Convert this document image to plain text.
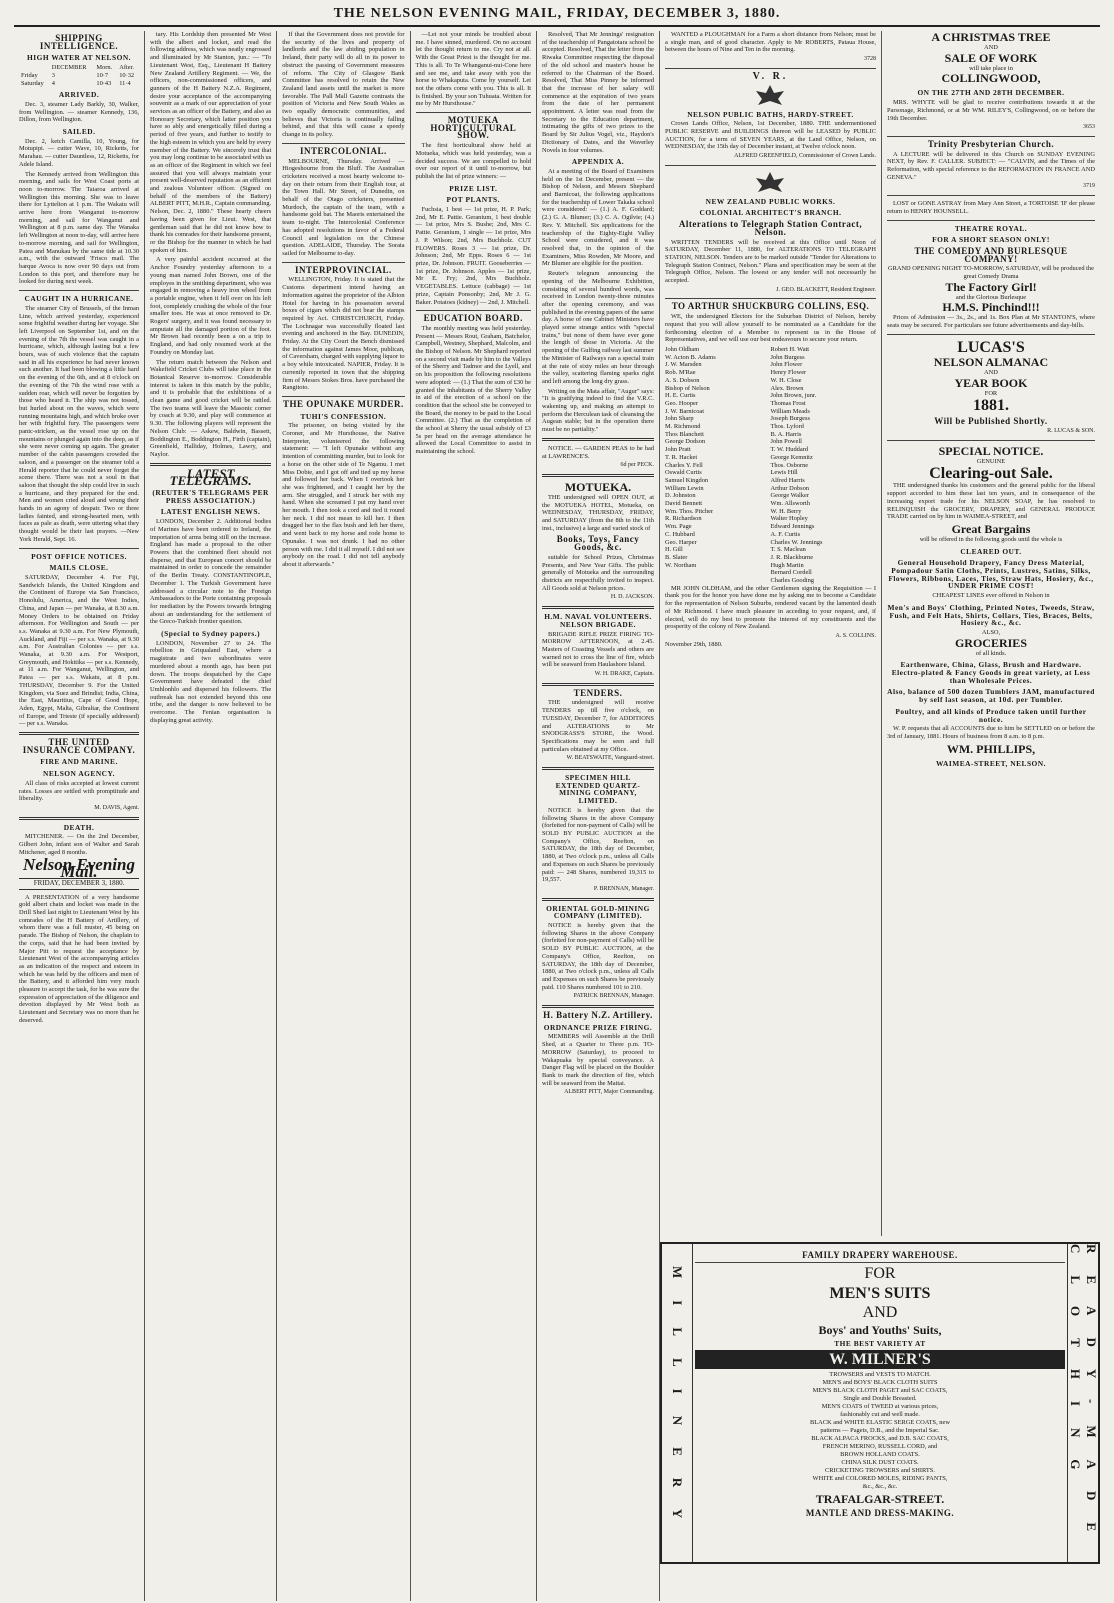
THE NELSON EVENING MAIL, FRIDAY, DECEMBER 3, 1880.
SHIPPING INTELLIGENCE.
HIGH WATER AT NELSON.
	DECEMBER	Morn.	After.
Friday	3	10·7	10·32
Saturday	4	10·43	11·4
ARRIVED.

Dec. 3, steamer Lady Barkly, 30, Walker, from Wellington. — steamer Kennedy, 136, Dillon, from Wellington.

SAILED.

Dec. 2, ketch Camilla, 10, Young, for Motupipi. — cutter Wave, 10, Ricketts, for Marahau. — cutter Dauntless, 12, Ricketts, for Adele Island.

The Kennedy arrived from Wellington this morning, and sails for West Coast ports at noon to-morrow. The Taiaroa arrived at Wellington this morning. She was to leave there for Lyttelton at 1 p.m. The Wakatu will arrive here from Wanganui to-morrow morning, and sail for Wanganui and Wellington at 8 p.m. same day. The Wanaka left Wellington at noon to-day, will arrive here to-morrow morning, and sail for Wellington, Patea and Manukau by the same tide at 10.30 a.m., with the outward 'Frisco mail. The barque Avoca is now over 90 days out from London to this port, and therefore may be looked for during next week.

CAUGHT IN A HURRICANE.

The steamer City of Brussels, of the Inman Line, which arrived yesterday, experienced some frightful weather during her voyage. She left Liverpool on September 1st, and on the evening of the 7th the vessel was caught in a hurricane, which, although lasting but a few hours, was of such violence that the captain said in all his experience he had never known such another. It had been blowing a little hard on the evening of the 6th, and at 8 o'clock on the evening of the 7th the wind rose with a sudden roar, which will never be forgotten by those who heard it. The ship was not tossed, but hurled about on the waves, which were running mountains high, and which broke over her with frightful fury. The passengers were panic-stricken, as the vessel rose up on the mountains or plunged again into the deep, as if she were never coming up again. The greater number of the cabin passengers crowded the saloon, and a passenger on the steamer told a Herald reporter that he could never forget the scene there. There was not a soul in that saloon that thought the ship could live in such a hurricane, and they prepared for the end. Men and women cried aloud and wrung their hands in an agony of despair. Two or three ladies fainted, and strong-hearted men, with faces as pale as death, were uttering what they thought would be their last prayers. —New York Herald, Sept. 16.

POST OFFICE NOTICES.
MAILS CLOSE.

SATURDAY, December 4. For Fiji, Sandwich Islands, the United Kingdom and the Continent of Europe via San Francisco, Honolulu, America, and the West Indies, China, and Japan — per Wanaka, at 8.30 a.m. Money Orders to be obtained on Friday afternoon. For Wellington and South — per s.s. Wanaka at 9.30 a.m. For New Plymouth, Auckland, and Fiji — per s.s. Wanaka, at 9.30 a.m. For Australian Colonies — per s.s. Wanaka, at 9.30 a.m. For Westport, Greymouth, and Hokitika — per s.s. Kennedy, at 11 a.m. For Wanganui, Wellington, and Patea — per s.s. Wakatu, at 8 p.m. THURSDAY, December 9. For the United Kingdom, via Suez and Brindisi; India, China, the East, Mauritius, Cape of Good Hope, Aden, Egypt, Malta, Gibraltar, the Continent of Europe, and Trieste (if specially addressed) — per s.s. Wanaka.

THE UNITED INSURANCE COMPANY.
FIRE AND MARINE.
NELSON AGENCY.

All class of risks accepted at lowest current rates. Losses are settled with promptitude and liberality.

M. DAVIS, Agent.
DEATH.

MITCHENER. — On the 2nd December, Gilbert John, infant son of Walter and Sarah Mitchener, aged 8 months.

Nelson Evening Mail.
FRIDAY, DECEMBER 3, 1880.

A PRESENTATION of a very handsome gold albert chain and locket was made in the Drill Shed last night to Lieutenant West by his comrades of the H Battery of Artillery, of whom there was a full muster, 45 being on parade. The Bishop of Nelson, the chaplain to the corps, said that he had been invited by Major Pitt to request the acceptance by Lieutenant West of the accompanying articles as an indication of the respect and esteem in which he was held by the officers and men of the Battery, and it afforded him very much pleasure to accept the task, for he was sure the expression of appreciation of the diligence and devotion displayed by Mr West both as Lieutenant and Secretary was no more than he deserved.

tary. His Lordship then presented Mr West with the albert and locket, and read the following address, which was neatly engrossed and illuminated by Mr Stanton, jun.: — "To Lieutenant West, Esq., Lieutenant H Battery New Zealand Artillery Regiment. — We, the officers, non-commissioned officers, and gunners of the H Battery N.Z.A. Regiment, desire your acceptance of the accompanying souvenir as a mark of our appreciation of your services as an officer of the Battery, and also as Honorary Secretary, which latter position you have so ably and energetically filled during a period of five years, and further to testify to the high esteem in which you are held by every member of the Battery. We sincerely trust that you may long continue to be associated with us as an officer of the Regiment in which we feel assured that you will always maintain your present well-deserved reputation as an efficient and zealous Volunteer officer. (Signed on behalf of the members of the Battery) ALBERT PITT, M.H.R., Captain commanding. Nelson, Dec. 2, 1880." These hearty cheers having been given for Lieut. West, that gentleman said that he did not know how to thank his comrades for their handsome present, or the Bishop for the manner in which he had spoken of him.

A very painful accident occurred at the Anchor Foundry yesterday afternoon to a young man named John Brown, one of the employes in the smithing department, who was engaged in removing a heavy iron wheel from a portable engine, when it fell over on his left foot, completely crushing the whole of the four smaller toes. He was at once removed to Dr. Rogers' surgery, and it was found necessary to amputate all the damaged portion of the foot. Mr Brown had recently been a on a trip to England, and had only resumed work at the Foundry on Monday last.

The return match between the Nelson and Wakefield Cricket Clubs will take place in the Botanical Reserve to-morrow. Considerable interest is taken in this match by the public, and it is probable that the exhibitions of a clean game and good cricket will be rattled. The two teams will leave the Masonic corner by coach at 9.30, and play will commence at 9.30. The following players will represent the Nelson Club: — Askew, Baldwin, Bassett, Boddington E., Boddington H., Firth (captain), Greenfield, Halliday, Holmes, Lawry, and Naylor.

LATEST TELEGRAMS.
(REUTER'S TELEGRAMS PER PRESS ASSOCIATION.)
LATEST ENGLISH NEWS.

LONDON, December 2. Additional bodies of Marines have been ordered to Ireland, the importation of arms being still on the increase. England has made a proposal to the other Powers that the combined fleet should not disperse, and that European concert should be maintained in order to concede the remainder of the Berlin Treaty. CONSTANTINOPLE, December 1. The Turkish Government have addressed a circular note to the Foreign Ambassadors to the Porte containing proposals for mediation by the Powers towards bringing about an understanding for the settlement of the Greco-Turkish frontier question.

(Special to Sydney papers.)

LONDON, November 27 to 24. The rebellion in Griqualand East, where a magistrate and two subordinates were murdered about a month ago, has been put down. The troops despatched by the Cape Government have defeated the chief Umhlonhlo and dispersed his followers. The outbreak has not extended beyond this one tribe, and the danger is now believed to be overcome. The Fenian organisation is displaying great activity.

If that the Government does not provide for the security of the lives and property of landlords and the law abiding population in Ireland, their party will do all in its power to obstruct the passing of Government measures of reform. The City of Glasgow Bank Committee has resolved to retain the New Zealand land assets until the market is more favorable. The Pall Mall Gazette contrasts the position of Victoria and New South Wales as two equally democratic communities, and believes that Victoria is continually falling behind, and that this will cause a speedy change in its policy.

INTERCOLONIAL.

MELBOURNE, Thursday. Arrived — Hiogeshourne from the Bluff. The Australian cricketers received a most hearty welcome to-day on their return from their English tour, at the Town Hall. Mr Street, of Dunedin, on behalf of the Otago cricketers, presented Murdoch, the captain of the team, with a handsome gold bat. The Maoris entertained the team to-night. The Intercolonial Conference has adopted resolutions in favor of a Federal Council and legislation on the Chinese question. ADELAIDE, Thursday. The Sorata sailed for Melbourne to-day.

INTERPROVINCIAL.

WELLINGTON, Friday. It is stated that the Customs department intend having an information against the proprietor of the Albion Hotel for having in his possession several boxes of cigars which did not bear the stamps required by Act. CHRISTCHURCH, Friday. The Lochnagar was successfully floated last evening and anchored in the Bay. DUNEDIN, Friday. At the City Court the Bench dismissed the information against James Moor, publican, of Caversham, charged with supplying liquor to a boy while intoxicated. NAPIER, Friday. It is currently reported in town that the shipping firm of Messrs Stokes Bros. have purchased the Rangitoto.

THE OPUNAKE MURDER.
TUHI'S CONFESSION.

The prisoner, on being visited by the Coroner, and Mr Hursthouse, the Native Interpreter, volunteered the following statement: — "I left Opunake without any intention of committing murder, but to look for a horse on the other side of Te Ngamu. I met Miss Dobie, and I got off and tied up my horse and followed her back. When I overtook her she was frightened, and I caught her by the arm. She struggled, and I struck her with my hand. When she screamed I put my hand over her mouth. I then took a cord and tied it round her neck. I did not mean to kill her. I then dragged her to the flax bush and left her there, and went back to my horse and rode home to Opunake. I was not drunk. I had no other person with me. I did it all myself. I did not see anybody on the road. I did not tell anybody about it afterwards."

—Let not your minds be troubled about me. I have sinned, murdered. On no account let the thought return to me. Cry not at all. With the Great Priest is the thought for me. This is all. To Te Whanganui-nui-Cone here and see me, and take away with you the horse to Whakaputa. Come by yourself. Let not the others come with you. This is all. It is finished. By your son Tuhuata. Written for me by Mr Hursthouse."

MOTUEKA HORTICULTURAL SHOW.

The first horticultural show held at Motueka, which was held yesterday, was a decided success. We are compelled to hold over our report of it until to-morrow, but publish the list of prize winners: —

PRIZE LIST.
POT PLANTS.

Fuchsia, 1 best — 1st prize, H. P. Park; 2nd, Mr E. Pattie. Geranium, 1 best double — 1st prize, Mrs S. Bushe; 2nd, Mrs C. Pattie. Geranium, 1 single — 1st prize, Mrs J. P. Wilson; 2nd, Mrs Buchholz. CUT FLOWERS. Roses 3 — 1st prize, Dr. Johnson; 2nd, Mr Epps. Roses 6 — 1st prize, Dr. Johnson. FRUIT. Gooseberries — 1st prize, Dr. Johnson. Apples — 1st prize, Mr E. Fry; 2nd, Mrs Buchholz. VEGETABLES. Lettuce (cabbage) — 1st prize, Captain Ponsonby; 2nd, Mr J. G. Baker. Potatoes (kidney) — 2nd, J. Mitchell.

EDUCATION BOARD.

The monthly meeting was held yesterday. Present — Messrs Rout, Graham, Batchelor, Campbell, Westney, Shephard, Malcolm, and the Bishop of Nelson. Mr Shephard reported on a second visit made by him to the Valleys of the Sherry and Tadmor and the Lyell, and on his proposition the following resolutions were adopted: — (1.) That the sum of £30 be granted the inhabitants of the Sherry Valley in aid of the erection of a school on the condition that the school site be conveyed to the Board, the money to be paid to the Local Committee. (2.) That as the completion of the school at Sherry the usual subsidy of £3 5s per head on the average attendance be allowed the Local Committee to assist in maintaining the school.

Resolved, That Mr Jennings' resignation of the teachership of Pangatotara school be accepted. Resolved, That the letter from the Riwaka Committee respecting the disposal of the old school and master's house be referred to the Chairman of the Board. Resolved, That Miss Pinney be informed that the increase of her salary will commence at the expiration of two years from the date of her permanent appointment. A letter was read from the Secretary to the Education department, intimating the gifts of two prizes to the Board by Sir Julius Vogel, viz., Haydon's Dictionary of Dates, and the Waverley Novels in four volumes.

APPENDIX A.

At a meeting of the Board of Examiners held on the 1st December, present — the Bishop of Nelson, and Messrs Shephard and Barnicoat, the following applications for the teachership of Lower Takaka school were considered: — (1.) A. F. Goddard; (2.) G. A. Blumer; (3.) C. A. Ogilvie; (4.) Rev. Y. Mitchell. Six applications for the teachership of the Eighty-Eight Valley School were considered, and it was resolved that, in the opinion of the Examiners, Miss Rowden, Mr Moore, and Mr Blumer are eligible for the position.

Reuter's telegram announcing the opening of the Melbourne Exhibition, consisting of several hundred words, was received in London twenty-three minutes after the opening ceremony, and was published in the evening papers of the same day. A horse of one Cabinet Ministers have played some strange antics with "special trains," but none of them have ever gone the length of those in Victoria. At the opening of the Gulfing railway last summer the Minister of Railways ran a special train at the rate of sixty miles an hour through the valley, scattering flaming sparks right and left among the long dry grass.

Writing on the Mata affair, "Augur" says: "It is gratifying indeed to find the V.R.C. wakening up, and making an attempt to perform the Herculean task of cleansing the Augean stable; but in the operation there must be no partiality."

NOTICE. — GARDEN PEAS to be had at LAWRENCE'S.

6d per PECK.
MOTUEKA.

THE undersigned will OPEN OUT, at the MOTUEKA HOTEL, Motueka, on WEDNESDAY, THURSDAY, FRIDAY, and SATURDAY (from the 8th to the 11th inst., inclusive) a large and varied stock of

Books, Toys, Fancy Goods, &c.

suitable for School Prizes, Christmas Presents, and New Year Gifts. The public generally of Motueka and the surrounding districts are respectfully invited to inspect. All Goods sold at Nelson prices.

H. D. JACKSON.
H.M. NAVAL VOLUNTEERS. NELSON BRIGADE.

BRIGADE RIFLE PRIZE FIRING TO-MORROW AFTERNOON, at 2.45. Masters of Coasting Vessels and others are warned not to cross the line of fire, which will be seaward from Haulashore Island.

W. H. DRAKE, Captain.
TENDERS.

THE undersigned will receive TENDERS up till five o'clock, on TUESDAY, December 7, for ADDITIONS and ALTERATIONS to Mr SNODGRASS'S STORE, the Wood. Specifications may be seen and full particulars obtained at my Office.

W. BEATSWAITE, Vanguard-street.
SPECIMEN HILL EXTENDED QUARTZ-MINING COMPANY, LIMITED.

NOTICE is hereby given that the following Shares in the above Company (forfeited for non-payment of Calls) will be SOLD BY PUBLIC AUCTION at the Company's Office, Reefton, on SATURDAY, the 18th day of December, 1880, at Two o'clock p.m., unless all Calls and Expenses on such Shares be previously paid: — 248 Shares, numbered 19,315 to 19,557.

P. BRENNAN, Manager.
ORIENTAL GOLD-MINING COMPANY (LIMITED).

NOTICE is hereby given that the following Shares in the above Company (forfeited for non-payment of Calls) will be SOLD BY PUBLIC AUCTION, at the Company's Office, Reefton, on SATURDAY, the 18th day of December, 1880, at Two o'clock p.m., unless all Calls and Expenses on such Shares be previously paid. 110 Shares numbered 101 to 210.

PATRICK BRENNAN, Manager.
H. Battery N.Z. Artillery.
ORDNANCE PRIZE FIRING.

MEMBERS will Assemble at the Drill Shed, at a Quarter to Three p.m. TO-MORROW (Saturday), to proceed to Wakapuaka by special conveyance. A Danger Flag will be placed on the Boulder Bank to mark the direction of fire, which will be seaward from the Maitai.

ALBERT PITT, Major Commanding.

WANTED a PLOUGHMAN for a Farm a short distance from Nelson; must be a single man, and of good character. Apply to Mr ROBERTS, Pataua House, between the hours of Nine and Ten in the morning.

3728
V. R.
NELSON PUBLIC BATHS, HARDY-STREET.

Crown Lands Office, Nelson, 1st December, 1880. THE undermentioned PUBLIC RESERVE and BUILDINGS thereon will be LEASED by PUBLIC AUCTION, for a term of SEVEN YEARS, at the Land Office, Nelson, on WEDNESDAY, the 15th day of December instant, at Twelve o'clock noon.

ALFRED GREENFIELD, Commissioner of Crown Lands.
NEW ZEALAND PUBLIC WORKS.
COLONIAL ARCHITECT'S BRANCH.
Alterations to Telegraph Station Contract, Nelson.

WRITTEN TENDERS will be received at this Office until Noon of SATURDAY, December 11, 1880, for ALTERATIONS TO TELEGRAPH STATION, NELSON. Tenders are to be marked outside "Tender for Alterations to Telegraph Station Contract, Nelson." Plans and specification may be seen at the Telegraph Office, Nelson. The lowest or any tender will not necessarily be accepted.

J. GEO. BLACKETT, Resident Engineer.
TO ARTHUR SHUCKBURG COLLINS, ESQ.

WE, the undersigned Electors for the Suburban District of Nelson, hereby request that you will allow yourself to be nominated as a Candidate for the forthcoming election of a Member to represent us in the House of Representatives, and we will use our best endeavours to secure your return.

John Oldham
W. Acton B. Adams
J. W. Marsden
Rob. M'Rae
A. S. Dobson
Bishop of Nelson
H. E. Curtis
Geo. Hooper
J. W. Barnicoat
John Sharp
M. Richmond
Thos Blanchett
George Dodson
John Pratt
T. R. Hacket
Charles Y. Fell
Oswald Curtis
Samuel Kingdon
William Lewin
D. Johnston
David Bennett
Wm. Thos. Pitcher
R. Richardson
Wm. Page
C. Hubbard
Geo. Harper
H. Gill
B. Slater
W. Northam
Robert H. Watt
John Burgess
John Flower
Henry Flower
W. H. Close
Alex. Brown
John Brown, junr.
Thomas Frost
William Meads
Joseph Burgess
Thos. Lyford
B. A. Harris
John Powell
T. W. Huddard
George Kemnitz
Thos. Osborne
Lewis Hill
Alfred Harris
Arthur Dobson
George Walker
Wm. Allsworth
W. H. Berry
Walter Hopley
Edward Jennings
A. F. Curtis
Charles W. Jennings
T. S. Maclean
J. R. Blackburne
Hugh Martin
Bernard Cordell
Charles Gooding

MR JOHN OLDHAM, and the other Gentlemen signing the Requisition — I thank you for the honor you have done me by asking me to become a Candidate for the representation of Nelson Suburbs, rendered vacant by the lamented death of Mr Richmond. I have much pleasure in acceding to your request, and, if elected, will do my best to promote the interest of my constituents and the prosperity of the colony of New Zealand.

A. S. COLLINS.
November 29th, 1880.
A CHRISTMAS TREE
AND
SALE OF WORK
will take place in
COLLINGWOOD,
ON THE 27TH AND 28TH DECEMBER.

MRS. WHYTE will be glad to receive contributions towards it at the Parsonage, Richmond, or at Mr WM. RILEY'S, Collingwood, on or before the 19th December.

3653
Trinity Presbyterian Church.

A LECTURE will be delivered in this Church on SUNDAY EVENING NEXT, by Rev. F. CALLER. SUBJECT: — "CALVIN, and the Times of the Reformation, with special reference to the REFORMATION IN FRANCE AND GENEVA."

3719

LOST or GONE ASTRAY from Mary Ann Street, a TORTOISE 'IF der please return to HENRY HOUNSELL.

THEATRE ROYAL.
FOR A SHORT SEASON ONLY!
THE COMEDY AND BURLESQUE COMPANY!
GRAND OPENING NIGHT TO-MORROW, SATURDAY, will be produced the great Comedy Drama
The Factory Girl!
and the Glorious Burlesque
H.M.S. Pinchind!!!

Prices of Admission — 3s., 2s., and 1s. Box Plan at Mr STANTON'S, where seats may be secured. For particulars see future advertisements and day-bills.

LUCAS'S
NELSON ALMANAC
AND
YEAR BOOK
FOR
1881.
Will be Published Shortly.
R. LUCAS & SON.
SPECIAL NOTICE.
GENUINE
Clearing-out Sale.

THE undersigned thanks his customers and the general public for the liberal support accorded to him these last ten years, and in consequence of the increasing export trade for his NELSON SOAP, he has resolved to RELINQUISH the GROCERY, DRAPERY, and GENERAL PRODUCE TRADE carried on by him in WAIMEA-STREET, and

Great Bargains
will be offered in the following goods until the whole is
CLEARED OUT.
General Household Drapery, Fancy Dress Material, Pompadour Satin Cloths, Prints, Lustres, Satins, Silks, Flowers, Ribbons, Laces, Ties, Straw Hats, Hosiery, &c., UNDER PRIME COST!
CHEAPEST LINES ever offered in Nelson in
Men's and Boys' Clothing, Printed Notes, Tweeds, Straw, Fush, and Felt Hats, Shirts, Collars, Ties, Braces, Belts, Hosiery &c., &c.
ALSO,
GROCERIES
of all kinds.
Earthenware, China, Glass, Brush and Hardware. Electro-plated & Fancy Goods in great variety, at Less than Wholesale Prices.
Also, balance of 500 dozen Tumblers JAM, manufactured by self last season, at 10d. per Tumbler.
Poultry, and all kinds of Produce taken until further notice.

W. P. requests that all ACCOUNTS due to him be SETTLED on or before the 3rd of January, 1881. Hours of business from 8 a.m. to 8 p.m.

WM. PHILLIPS,
WAIMEA-STREET, NELSON.
MILLINERY
FAMILY DRAPERY WAREHOUSE.
FOR
MEN'S SUITS
AND
Boys' and Youths' Suits,
THE BEST VARIETY AT
W. MILNER'S
TROWSERS and VESTS TO MATCH.
MEN'S and BOYS' BLACK CLOTH SUITS
MEN'S BLACK CLOTH PAGET and SAC COATS,
Single and Double Breasted.
MEN'S COATS of TWEED at various prices,
fashionably cut and well made.
BLACK and WHITE ELASTIC SERGE COATS, new
patterns — Pagets, D.B., and the Imperial Sac.
BLACK ALPACA FROCKS, and D.B. SAC COATS,
FRENCH MERINO, RUSSELL CORD, and
BROWN HOLLAND COATS.
CHINA SILK DUST COATS.
CRICKETING TROWSERS and SHIRTS.
WHITE and COLORED MOLES, RIDING PANTS,
&c., &c., &c.
TRAFALGAR-STREET.
MANTLE AND DRESS-MAKING.	READY-MADE CLOTHING
